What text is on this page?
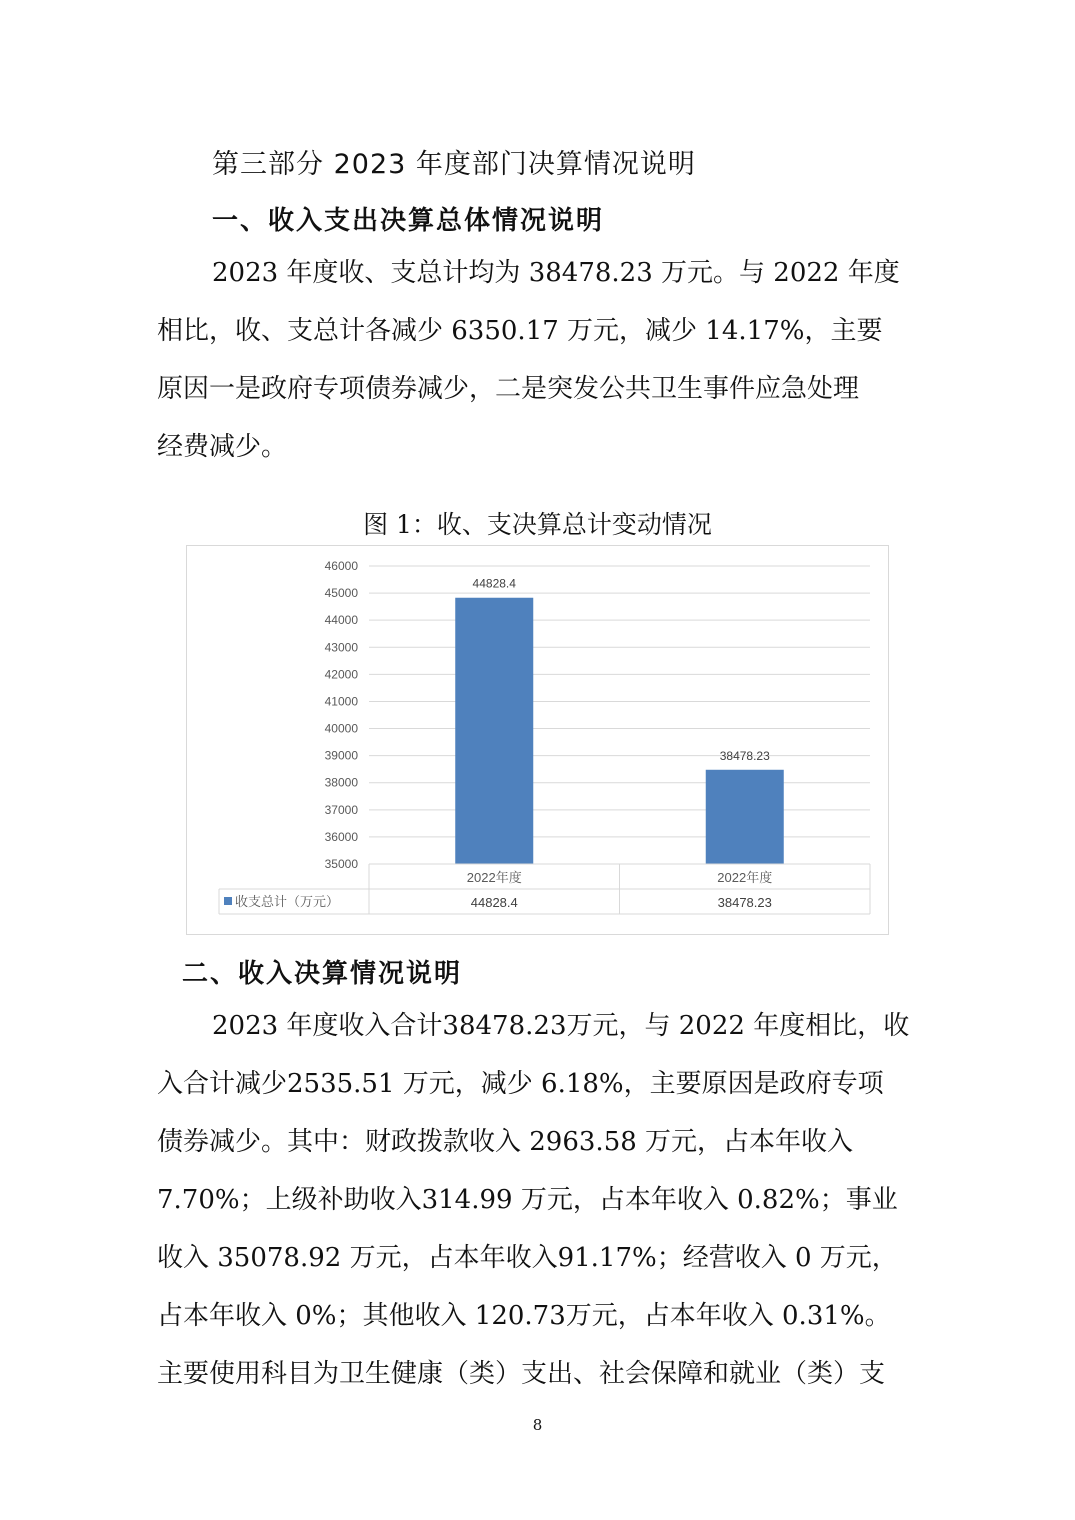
第三部分 2023 年度部门决算情况说明
一、收入支出决算总体情况说明
2023 年度收、支总计均为 38478.23 万元。与 2022 年度
相比，收、支总计各减少 6350.17 万元，减少 14.17%，主要
原因一是政府专项债券减少，二是突发公共卫生事件应急处理
经费减少。
图 1：收、支决算总计变动情况
35000
36000
37000
38000
39000
40000
41000
42000
43000
44000
45000
46000
44828.4
38478.23
2022年度
44828.4
2022年度
38478.23
收支总计（万元）
二、收入决算情况说明
2023 年度收入合计38478.23万元，与 2022 年度相比，收
入合计减少2535.51 万元，减少 6.18%，主要原因是政府专项
债券减少。其中：财政拨款收入 2963.58 万元，占本年收入
7.70%；上级补助收入314.99 万元，占本年收入 0.82%；事业
收入 35078.92 万元，占本年收入91.17%；经营收入 0 万元，
占本年收入 0%；其他收入 120.73万元，占本年收入 0.31%。
主要使用科目为卫生健康（类）支出、社会保障和就业（类）支
8
